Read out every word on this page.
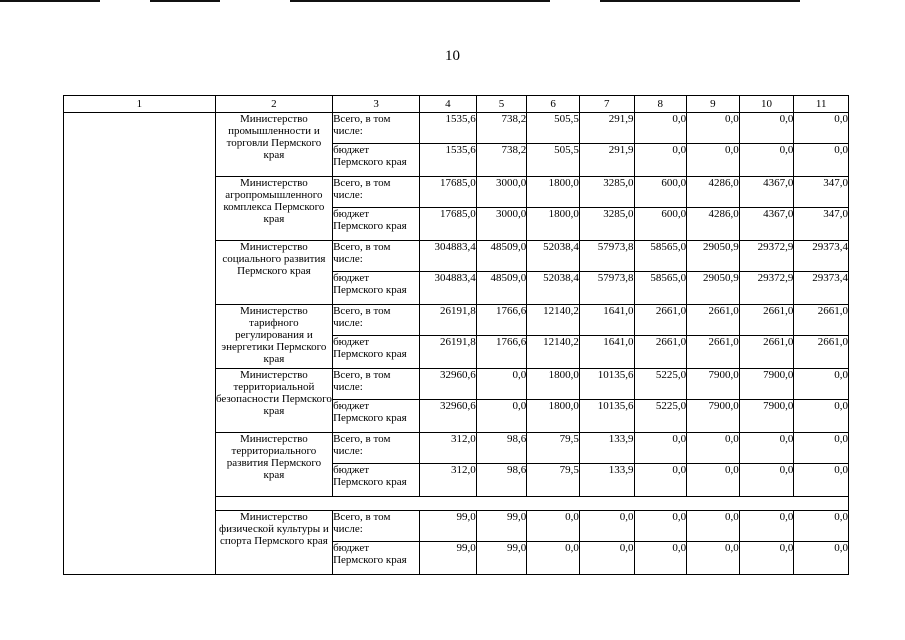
10
1	2	3	4	5	6	7	8	9	10	11
	Министерство промышленности и торговли Пермского края	Всего, в том числе:	1535,6	738,2	505,5	291,9	0,0	0,0	0,0	0,0
		бюджет Пермского края	1535,6	738,2	505,5	291,9	0,0	0,0	0,0	0,0
	Министерство агропромышленного комплекса Пермского края	Всего, в том числе:	17685,0	3000,0	1800,0	3285,0	600,0	4286,0	4367,0	347,0
		бюджет Пермского края	17685,0	3000,0	1800,0	3285,0	600,0	4286,0	4367,0	347,0
	Министерство социального развития Пермского края	Всего, в том числе:	304883,4	48509,0	52038,4	57973,8	58565,0	29050,9	29372,9	29373,4
		бюджет Пермского края	304883,4	48509,0	52038,4	57973,8	58565,0	29050,9	29372,9	29373,4
	Министерство тарифного регулирования и энергетики Пермского края	Всего, в том числе:	26191,8	1766,6	12140,2	1641,0	2661,0	2661,0	2661,0	2661,0
		бюджет Пермского края	26191,8	1766,6	12140,2	1641,0	2661,0	2661,0	2661,0	2661,0
	Министерство территориальной безопасности Пермского края	Всего, в том числе:	32960,6	0,0	1800,0	10135,6	5225,0	7900,0	7900,0	0,0
		бюджет Пермского края	32960,6	0,0	1800,0	10135,6	5225,0	7900,0	7900,0	0,0
	Министерство территориального развития Пермского края	Всего, в том числе:	312,0	98,6	79,5	133,9	0,0	0,0	0,0	0,0
		бюджет Пермского края	312,0	98,6	79,5	133,9	0,0	0,0	0,0	0,0

	Министерство физической культуры и спорта Пермского края	Всего, в том числе:	99,0	99,0	0,0	0,0	0,0	0,0	0,0	0,0
		бюджет Пермского края	99,0	99,0	0,0	0,0	0,0	0,0	0,0	0,0
